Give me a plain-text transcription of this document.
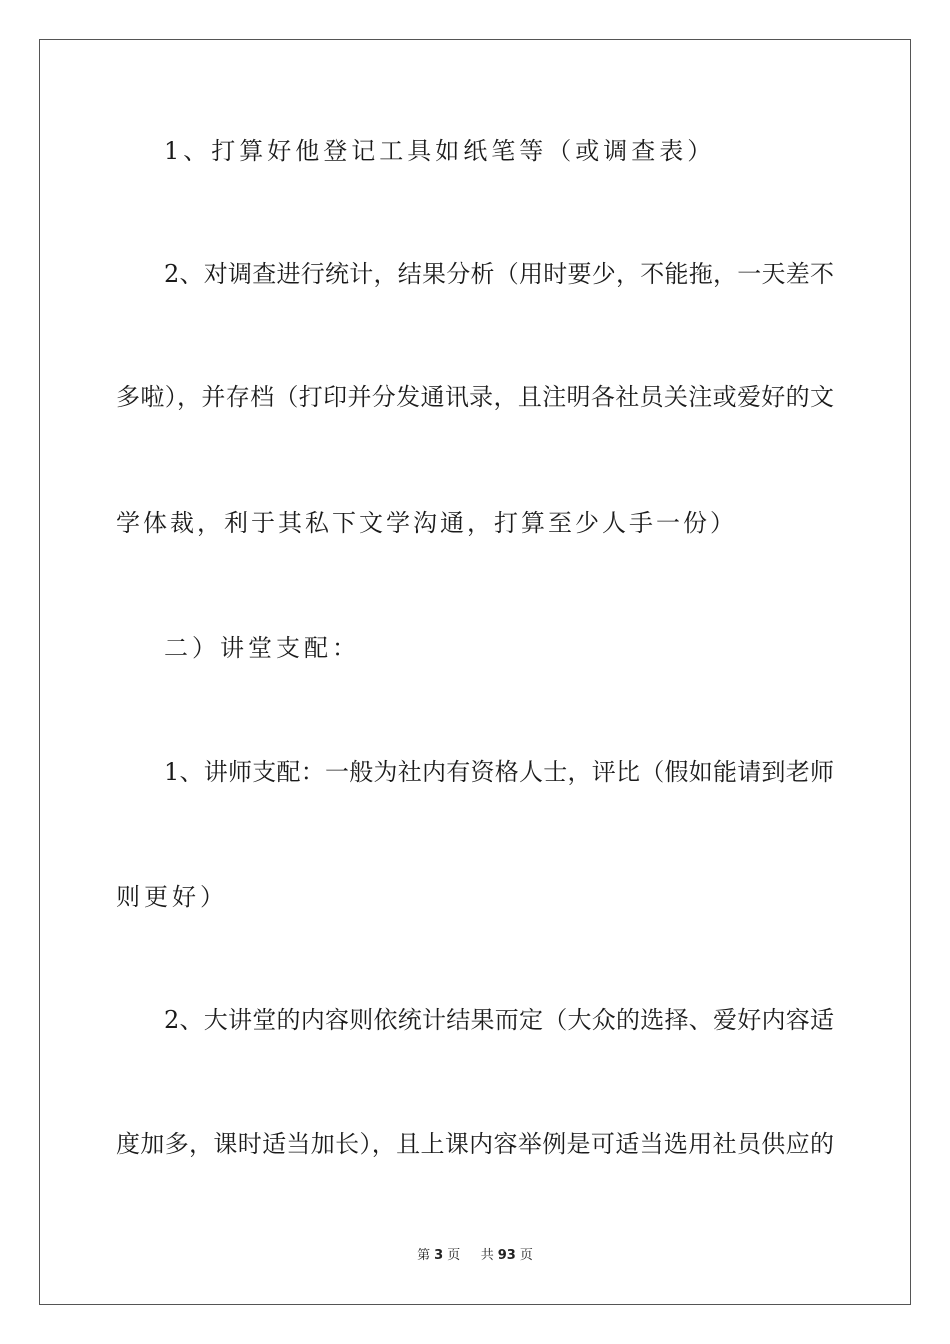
1、打算好他登记工具如纸笔等（或调查表）
2、对调查进行统计，结果分析（用时要少，不能拖，一天差不
多啦），并存档（打印并分发通讯录，且注明各社员关注或爱好的文
学体裁，利于其私下文学沟通，打算至少人手一份）
二）讲堂支配：
1、讲师支配：一般为社内有资格人士，评比（假如能请到老师
则更好）
2、大讲堂的内容则依统计结果而定（大众的选择、爱好内容适
度加多，课时适当加长），且上课内容举例是可适当选用社员供应的
第 3 页 共 93 页
